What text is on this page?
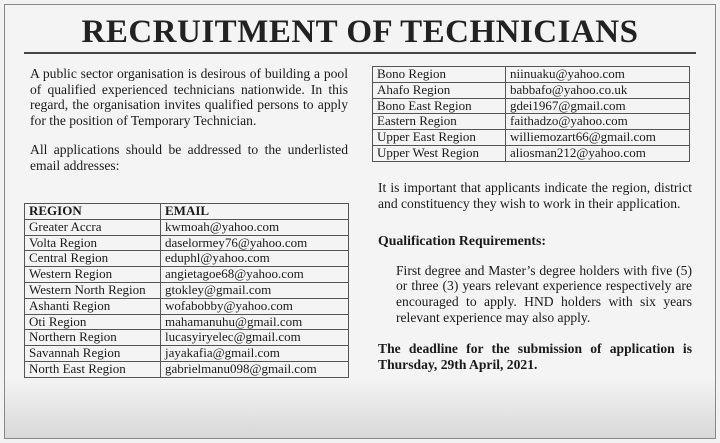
RECRUITMENT OF TECHNICIANS

A public sector organisation is desirous of building a pool of qualified experienced technicians nationwide. In this regard, the organisation invites qualified persons to apply for the position of Temporary Technician.

All applications should be addressed to the underlisted email addresses:

REGION	EMAIL
Greater Accra	kwmoah@yahoo.com
Volta Region	daselormey76@yahoo.com
Central Region	eduphl@yahoo.com
Western Region	angietagoe68@yahoo.com
Western North Region	gtokley@gmail.com
Ashanti Region	wofabobby@yahoo.com
Oti Region	mahamanuhu@gmail.com
Northern Region	lucasyiryelec@gmail.com
Savannah Region	jayakafia@gmail.com
North East Region	gabrielmanu098@gmail.com
Bono Region	niinuaku@yahoo.com
Ahafo Region	babbafo@yahoo.co.uk
Bono East Region	gdei1967@gmail.com
Eastern Region	faithadzo@yahoo.com
Upper East Region	williemozart66@gmail.com
Upper West Region	aliosman212@yahoo.com

It is important that applicants indicate the region, district and constituency they wish to work in their application.

Qualification Requirements:

First degree and Master’s degree holders with five (5) or three (3) years relevant experience respectively are encouraged to apply. HND holders with six years relevant experience may also apply.

The deadline for the submission of application is Thursday, 29th April, 2021.
